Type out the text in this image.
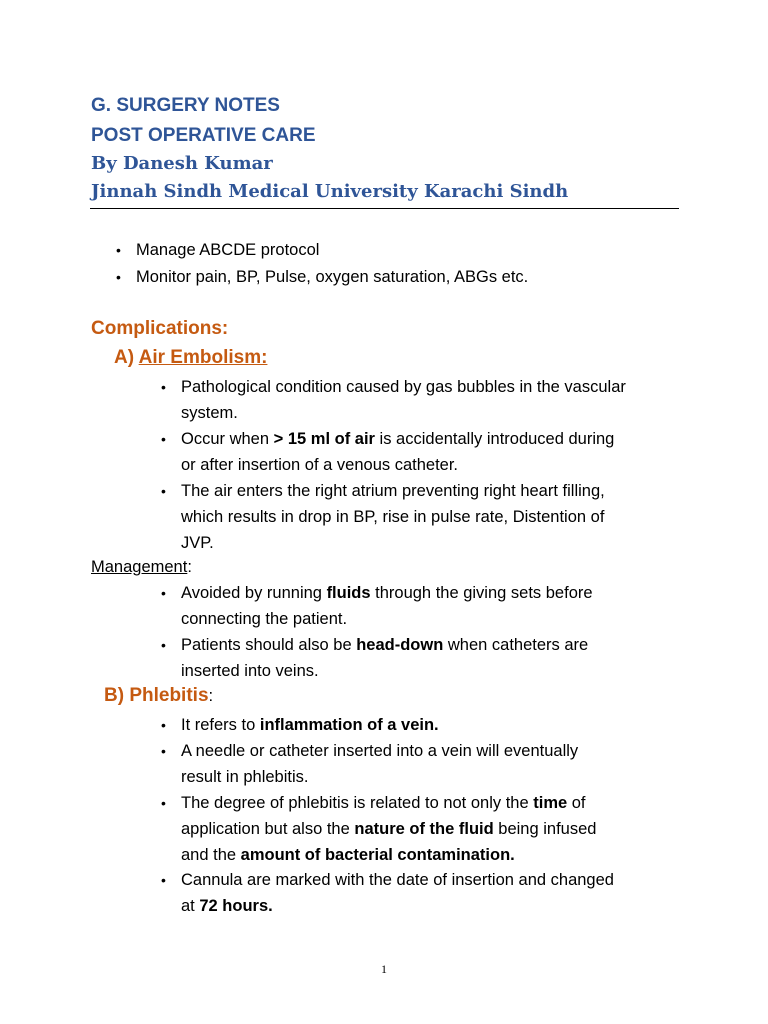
G. SURGERY NOTES
POST OPERATIVE CARE
By Danesh Kumar
Jinnah Sindh Medical University Karachi Sindh
• Manage ABCDE protocol
• Monitor pain, BP, Pulse, oxygen saturation, ABGs etc.
Complications:
A) Air Embolism:
• Pathological condition caused by gas bubbles in the vascular
system.
• Occur when > 15 ml of air is accidentally introduced during
or after insertion of a venous catheter.
• The air enters the right atrium preventing right heart filling,
which results in drop in BP, rise in pulse rate, Distention of
JVP.
Management:
• Avoided by running fluids through the giving sets before
connecting the patient.
• Patients should also be head-down when catheters are
inserted into veins.
B) Phlebitis:
• It refers to inflammation of a vein.
• A needle or catheter inserted into a vein will eventually
result in phlebitis.
• The degree of phlebitis is related to not only the time of
application but also the nature of the fluid being infused
and the amount of bacterial contamination.
• Cannula are marked with the date of insertion and changed
at 72 hours.
1
